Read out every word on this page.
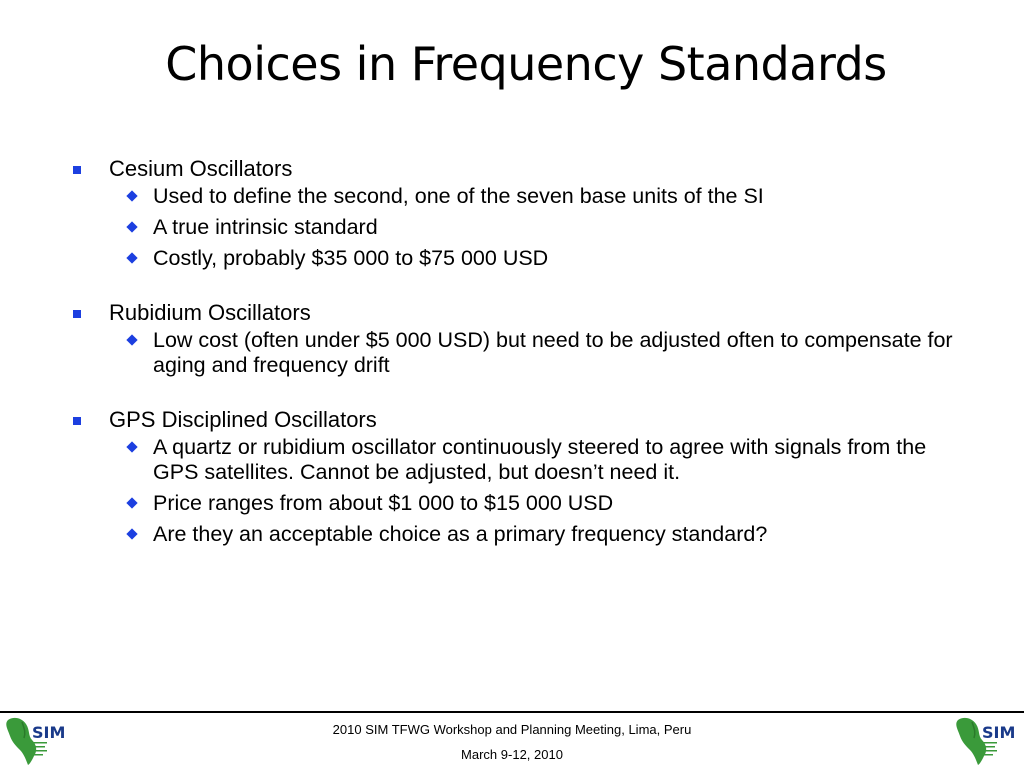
Choices in Frequency Standards
Cesium Oscillators
Used to define the second, one of the seven base units of the SI
A true intrinsic standard
Costly, probably $35 000 to $75 000 USD
Rubidium Oscillators
Low cost (often under $5 000 USD) but need to be adjusted often to compensate for aging and frequency drift
GPS Disciplined Oscillators
A quartz or rubidium oscillator continuously steered to agree with signals from the GPS satellites. Cannot be adjusted, but doesn’t need it.
Price ranges from about $1 000 to $15 000 USD
Are they an acceptable choice as a primary frequency standard?
2010 SIM TFWG Workshop and Planning Meeting, Lima, Peru
March 9-12, 2010
SIM	SIM
